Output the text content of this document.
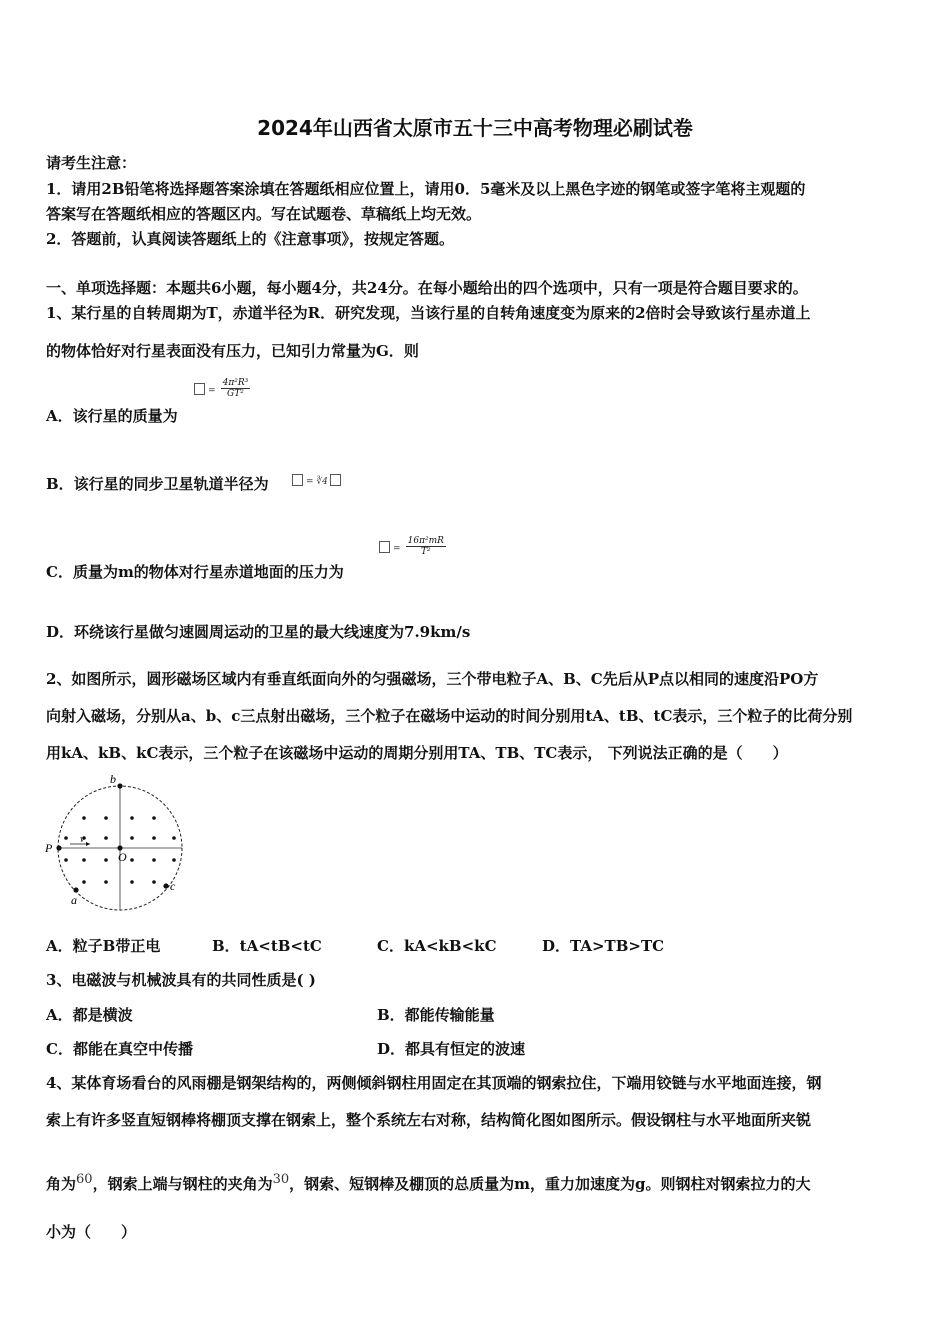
2024年山西省太原市五十三中高考物理必刷试卷
请考生注意：
1．请用2B铅笔将选择题答案涂填在答题纸相应位置上，请用0．5毫米及以上黑色字迹的钢笔或签字笔将主观题的
答案写在答题纸相应的答题区内。写在试题卷、草稿纸上均无效。
2．答题前，认真阅读答题纸上的《注意事项》，按规定答题。
一、单项选择题：本题共6小题，每小题4分，共24分。在每小题给出的四个选项中，只有一项是符合题目要求的。
1、某行星的自转周期为T，赤道半径为R．研究发现，当该行星的自转角速度变为原来的2倍时会导致该行星赤道上
的物体恰好对行星表面没有压力，已知引力常量为G．则
= $\frac{\text{4π²R³}}{\text{GT²}}$
A．该行星的质量为
B．该行星的同步卫星轨道半径为	= ∛4
= $\frac{\text{16π²mR}}{\text{T²}}$
C．质量为m的物体对行星赤道地面的压力为
D．环绕该行星做匀速圆周运动的卫星的最大线速度为7.9km/s
2、如图所示，圆形磁场区域内有垂直纸面向外的匀强磁场，三个带电粒子A、B、C先后从P点以相同的速度沿PO方
向射入磁场，分别从a、b、c三点射出磁场，三个粒子在磁场中运动的时间分别用tA、tB、tC表示，三个粒子的比荷分别
用kA、kB、kC表示，三个粒子在该磁场中运动的周期分别用TA、TB、TC表示， 下列说法正确的是（　　）
b
P
O
c
a
v
A．粒子B带正电	B．tA<tB<tC	C．kA<kB<kC	D．TA>TB>TC
3、电磁波与机械波具有的共同性质是( )
A．都是横波	B．都能传输能量
C．都能在真空中传播	D．都具有恒定的波速
4、某体育场看台的风雨棚是钢架结构的，两侧倾斜钢柱用固定在其顶端的钢索拉住，下端用铰链与水平地面连接，钢
索上有许多竖直短钢棒将棚顶支撑在钢索上，整个系统左右对称，结构简化图如图所示。假设钢柱与水平地面所夹锐
角为60，钢索上端与钢柱的夹角为30，钢索、短钢棒及棚顶的总质量为m，重力加速度为g。则钢柱对钢索拉力的大
小为（　　）
